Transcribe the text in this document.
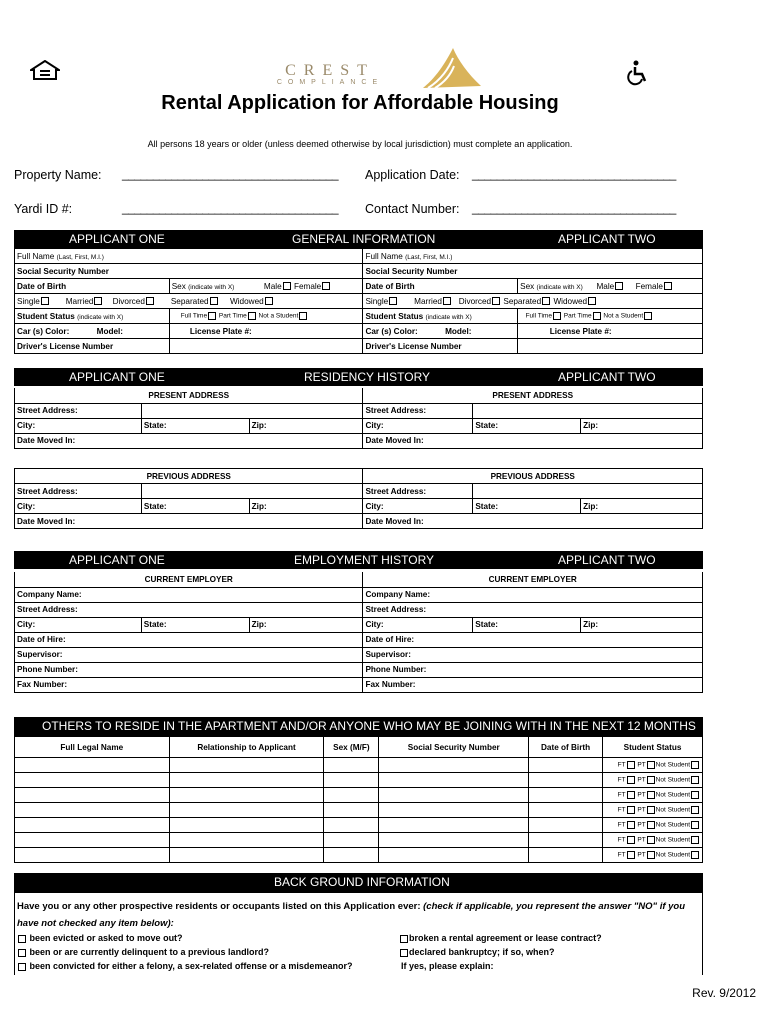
CREST
COMPLIANCE
Rental Application for Affordable Housing
All persons 18 years or older (unless deemed otherwise by local jurisdiction) must complete an application.
Property Name: ___________________________________ Application Date: _________________________________
Yardi ID #:	___________________________________ Contact Number: _________________________________
APPLICANT ONE	GENERAL INFORMATION	APPLICANT TWO
Full Name (Last, First, M.I.)		Full Name (Last, First, M.I.)	
Social Security Number		Social Security Number	
Date of Birth	Sex (indicate with X) Male Female	Date of Birth	Sex (indicate with X) Male Female
Single Married Divorced Separated Widowed		Single Married Divorced Separated Widowed	
Student Status (indicate with X)	Full Time Part Time Not a Student	Student Status (indicate with X)	Full Time Part Time Not a Student
Car (s) Color: Model:	License Plate #:	Car (s) Color: Model:	License Plate #:
Driver's License Number		Driver's License Number	
APPLICANT ONE	RESIDENCY HISTORY	APPLICANT TWO
PRESENT ADDRESS			PRESENT ADDRESS		
Street Address:			Street Address:		
City:	State:	Zip:	City:	State:	Zip:
Date Moved In:			Date Moved In:		
PREVIOUS ADDRESS			PREVIOUS ADDRESS		
Street Address:			Street Address:		
City:	State:	Zip:	City:	State:	Zip:
Date Moved In:			Date Moved In:		
APPLICANT ONE	EMPLOYMENT HISTORY	APPLICANT TWO
CURRENT EMPLOYER			CURRENT EMPLOYER		
Company Name:			Company Name:		
Street Address:			Street Address:		
City:	State:	Zip:	City:	State:	Zip:
Date of Hire:			Date of Hire:		
Supervisor:			Supervisor:		
Phone Number:			Phone Number:		
Fax Number:			Fax Number:		
OTHERS TO RESIDE IN THE APARTMENT AND/OR ANYONE WHO MAY BE JOINING WITH IN THE NEXT 12 MONTHS
Full Legal Name	Relationship to Applicant	Sex (M/F)	Social Security Number	Date of Birth	Student Status
					FT PT Not Student
					FT PT Not Student
					FT PT Not Student
					FT PT Not Student
					FT PT Not Student
					FT PT Not Student
					FT PT Not Student
BACK GROUND INFORMATION
Have you or any other prospective residents or occupants listed on this Application ever: (check if applicable, you represent the answer "NO" if you have not checked any item below):
been evicted or asked to move out?
been or are currently delinquent to a previous landlord?
been convicted for either a felony, a sex-related offense or a misdemeanor?
broken a rental agreement or lease contract?
declared bankruptcy; if so, when?
If yes, please explain:
Rev. 9/2012
